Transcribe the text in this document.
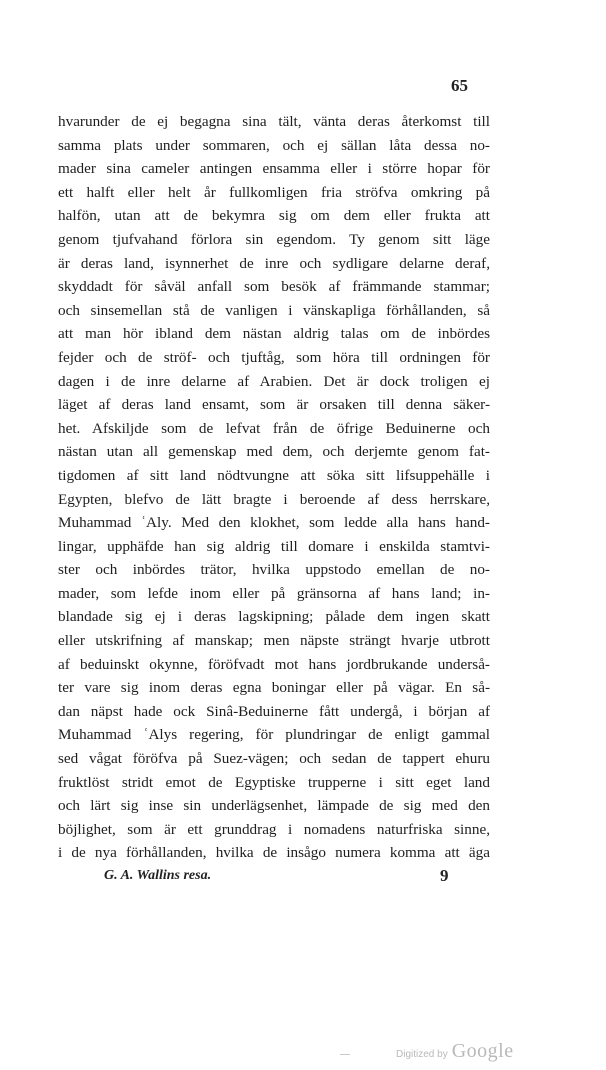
65
hvarunder de ej begagna sina tält, vänta deras återkomst till
samma plats under sommaren, och ej sällan låta dessa no-
mader sina cameler antingen ensamma eller i större hopar för
ett halft eller helt år fullkomligen fria ströfva omkring på
halfön, utan att de bekymra sig om dem eller frukta att
genom tjufvahand förlora sin egendom. Ty genom sitt läge
är deras land, isynnerhet de inre och sydligare delarne deraf,
skyddadt för såväl anfall som besök af främmande stammar;
och sinsemellan stå de vanligen i vänskapliga förhållanden, så
att man hör ibland dem nästan aldrig talas om de inbördes
fejder och de ströf- och tjuftåg, som höra till ordningen för
dagen i de inre delarne af Arabien. Det är dock troligen ej
läget af deras land ensamt, som är orsaken till denna säker-
het. Afskiljde som de lefvat från de öfrige Beduinerne och
nästan utan all gemenskap med dem, och derjemte genom fat-
tigdomen af sitt land nödtvungne att söka sitt lifsuppehälle i
Egypten, blefvo de lätt bragte i beroende af dess herrskare,
Muhammad ʿAly. Med den klokhet, som ledde alla hans hand-
lingar, upphäfde han sig aldrig till domare i enskilda stamtvi-
ster och inbördes trätor, hvilka uppstodo emellan de no-
mader, som lefde inom eller på gränsorna af hans land; in-
blandade sig ej i deras lagskipning; pålade dem ingen skatt
eller utskrifning af manskap; men näpste strängt hvarje utbrott
af beduinskt okynne, föröfvadt mot hans jordbrukande underså-
ter vare sig inom deras egna boningar eller på vägar. En så-
dan näpst hade ock Sinâ-Beduinerne fått undergå, i början af
Muhammad ʿAlys regering, för plundringar de enligt gammal
sed vågat föröfva på Suez-vägen; och sedan de tappert ehuru
fruktlöst stridt emot de Egyptiske trupperne i sitt eget land
och lärt sig inse sin underlägsenhet, lämpade de sig med den
böjlighet, som är ett grunddrag i nomadens naturfriska sinne,
i de nya förhållanden, hvilka de insågo numera komma att äga
G. A. Wallins resa.	9
Digitized by Google
